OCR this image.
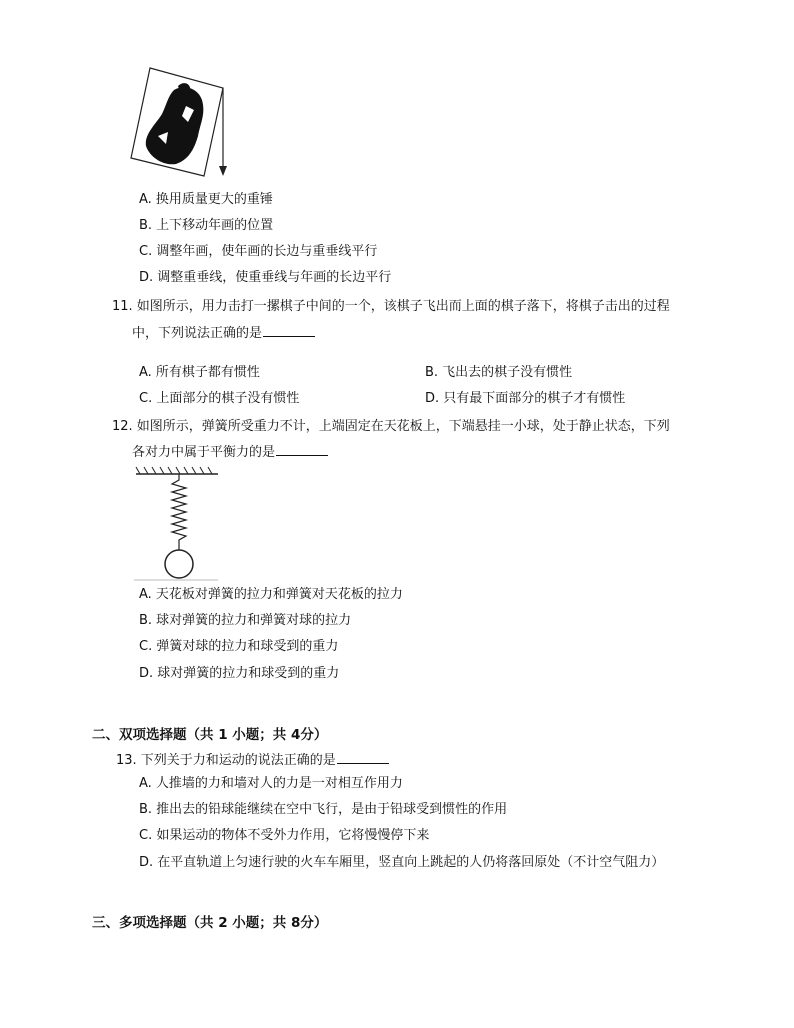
A. 换用质量更大的重锤
B. 上下移动年画的位置
C. 调整年画，使年画的长边与重垂线平行
D. 调整重垂线，使重垂线与年画的长边平行
11. 如图所示，用力击打一摞棋子中间的一个，该棋子飞出而上面的棋子落下，将棋子击出的过程
中，下列说法正确的是
A. 所有棋子都有惯性	B. 飞出去的棋子没有惯性
C. 上面部分的棋子没有惯性	D. 只有最下面部分的棋子才有惯性
12. 如图所示，弹簧所受重力不计，上端固定在天花板上，下端悬挂一小球，处于静止状态，下列
各对力中属于平衡力的是
A. 天花板对弹簧的拉力和弹簧对天花板的拉力
B. 球对弹簧的拉力和弹簧对球的拉力
C. 弹簧对球的拉力和球受到的重力
D. 球对弹簧的拉力和球受到的重力
二、双项选择题（共 1 小题；共 4分）
13. 下列关于力和运动的说法正确的是
A. 人推墙的力和墙对人的力是一对相互作用力
B. 推出去的铅球能继续在空中飞行，是由于铅球受到惯性的作用
C. 如果运动的物体不受外力作用，它将慢慢停下来
D. 在平直轨道上匀速行驶的火车车厢里，竖直向上跳起的人仍将落回原处（不计空气阻力）
三、多项选择题（共 2 小题；共 8分）
